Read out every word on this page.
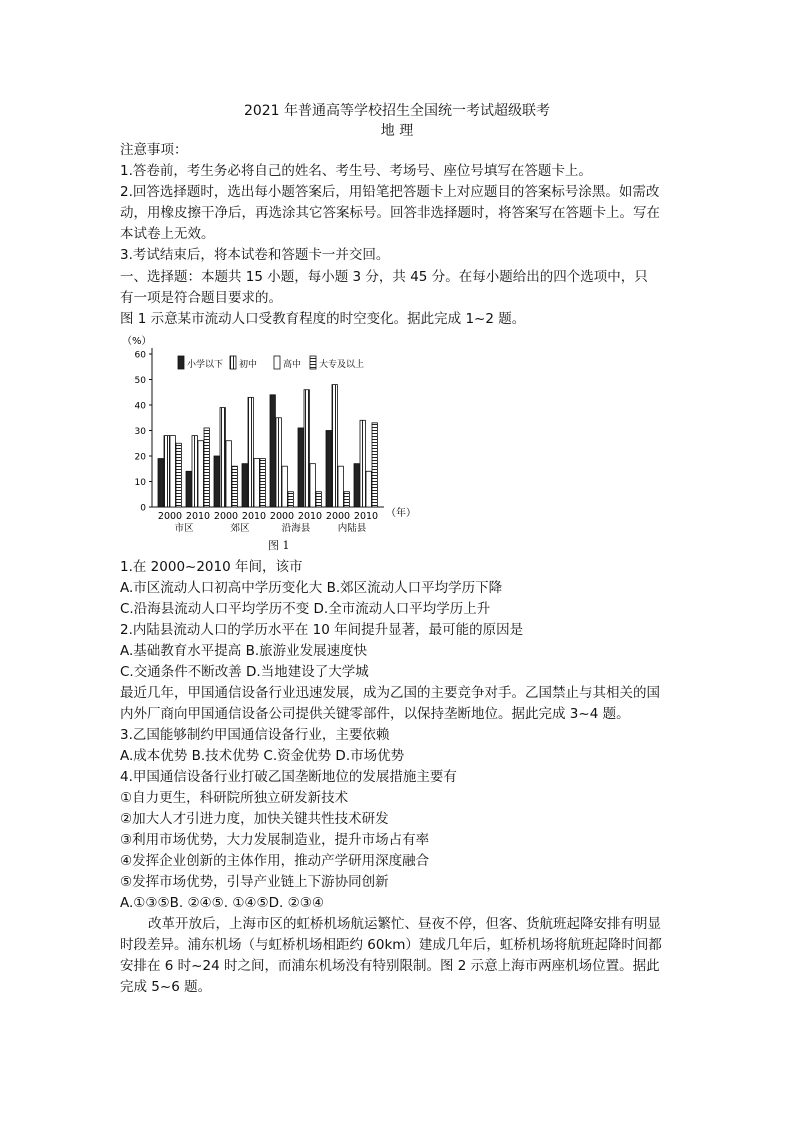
2021 年普通高等学校招生全国统一考试超级联考
地 理
注意事项：
1.答卷前，考生务必将自己的姓名、考生号、考场号、座位号填写在答题卡上。
2.回答选择题时，选出每小题答案后，用铅笔把答题卡上对应题目的答案标号涂黑。如需改
动，用橡皮擦干净后，再选涂其它答案标号。回答非选择题时，将答案写在答题卡上。写在
本试卷上无效。
3.考试结束后，将本试卷和答题卡一并交回。
一、选择题：本题共 15 小题，每小题 3 分，共 45 分。在每小题给出的四个选项中，只
有一项是符合题目要求的。
图 1 示意某市流动人口受教育程度的时空变化。据此完成 1~2 题。
0
10
20
30
40
50
60
2000 2010 2000 2010 2000 2010 2000 2010
市区	郊区	沿海县	内陆县
小学以下 初中	高中 大专及以上
（%）
（年）
图 1
1.在 2000~2010 年间，该市
A.市区流动人口初高中学历变化大 B.郊区流动人口平均学历下降
C.沿海县流动人口平均学历不变 D.全市流动人口平均学历上升
2.内陆县流动人口的学历水平在 10 年间提升显著，最可能的原因是
A.基础教育水平提高 B.旅游业发展速度快
C.交通条件不断改善 D.当地建设了大学城
最近几年，甲国通信设备行业迅速发展，成为乙国的主要竞争对手。乙国禁止与其相关的国
内外厂商向甲国通信设备公司提供关键零部件，以保持垄断地位。据此完成 3~4 题。
3.乙国能够制约甲国通信设备行业，主要依赖
A.成本优势 B.技术优势 C.资金优势 D.市场优势
4.甲国通信设备行业打破乙国垄断地位的发展措施主要有
①自力更生，科研院所独立研发新技术
②加大人才引进力度，加快关键共性技术研发
③利用市场优势，大力发展制造业，提升市场占有率
④发挥企业创新的主体作用，推动产学研用深度融合
⑤发挥市场优势，引导产业链上下游协同创新
A.①③⑤B. ②④⑤. ①④⑤D. ②③④
改革开放后，上海市区的虹桥机场航运繁忙、昼夜不停，但客、货航班起降安排有明显
时段差异。浦东机场（与虹桥机场相距约 60km）建成几年后，虹桥机场将航班起降时间都
安排在 6 时~24 时之间，而浦东机场没有特别限制。图 2 示意上海市两座机场位置。据此
完成 5~6 题。
